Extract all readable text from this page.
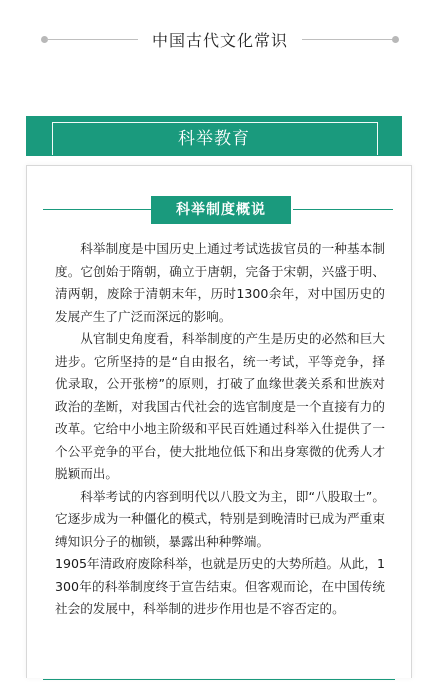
中国古代文化常识
科举教育
科举制度概说

科举制度是中国历史上通过考试选拔官员的一种基本制度。它创始于隋朝，确立于唐朝，完备于宋朝，兴盛于明、清两朝，废除于清朝末年，历时1300余年，对中国历史的发展产生了广泛而深远的影响。

从官制史角度看，科举制度的产生是历史的必然和巨大进步。它所坚持的是“自由报名，统一考试，平等竞争，择优录取，公开张榜”的原则，打破了血缘世袭关系和世族对政治的垄断，对我国古代社会的选官制度是一个直接有力的改革。它给中小地主阶级和平民百姓通过科举入仕提供了一个公平竞争的平台，使大批地位低下和出身寒微的优秀人才脱颖而出。

科举考试的内容到明代以八股文为主，即“八股取士”。它逐步成为一种僵化的模式，特别是到晚清时已成为严重束缚知识分子的枷锁，暴露出种种弊端。

1905年清政府废除科举，也就是历史的大势所趋。从此，1300年的科举制度终于宣告结束。但客观而论，在中国传统社会的发展中，科举制的进步作用也是不容否定的。
